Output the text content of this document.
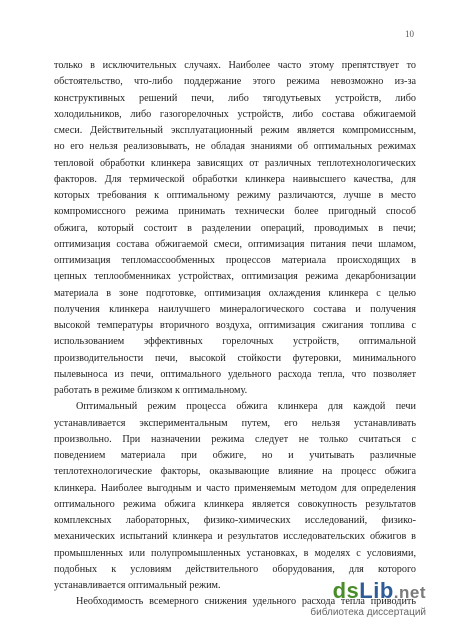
10
только в исключительных случаях. Наиболее часто этому препятствует то
обстоятельство, что-либо поддержание этого режима невозможно из-за
конструктивных решений печи, либо тягодутьевых устройств, либо
холодильников, либо газогорелочных устройств, либо состава обжигаемой
смеси. Действительный эксплуатационный режим является компромиссным,
но его нельзя реализовывать, не обладая знаниями об оптимальных режимах
тепловой обработки клинкера зависящих от различных теплотехнологических
факторов. Для термической обработки клинкера наивысшего качества, для
которых требования к оптимальному режиму различаются, лучше в место
компромиссного режима принимать технически более пригодный способ
обжига, который состоит в разделении операций, проводимых в печи;
оптимизация состава обжигаемой смеси, оптимизация питания печи шламом,
оптимизация тепломассообменных процессов материала происходящих в
цепных теплообменниках устройствах, оптимизация режима декарбонизации
материала в зоне подготовке, оптимизация охлаждения клинкера с целью
получения клинкера наилучшего минералогического состава и получения
высокой температуры вторичного воздуха, оптимизация сжигания топлива с
использованием эффективных горелочных устройств, оптимальной
производительности печи, высокой стойкости футеровки, минимального
пылевыноса из печи, оптимального удельного расхода тепла, что позволяет
работать в режиме близком к оптимальному.
Оптимальный режим процесса обжига клинкера для каждой печи
устанавливается экспериментальным путем, его нельзя устанавливать
произвольно. При назначении режима следует не только считаться с
поведением материала при обжиге, но и учитывать различные
теплотехнологические факторы, оказывающие влияние на процесс обжига
клинкера. Наиболее выгодным и часто применяемым методом для определения
оптимального режима обжига клинкера является совокупность результатов
комплексных лабораторных, физико-химических исследований, физико-
механических испытаний клинкера и результатов исследовательских обжигов в
промышленных или полупромышленных установках, в моделях с условиями,
подобных к условиям действительного оборудования, для которого
устанавливается оптимальный режим.
Необходимость всемерного снижения удельного расхода тепла приводить
dsLib.net
библиотека диссертаций
